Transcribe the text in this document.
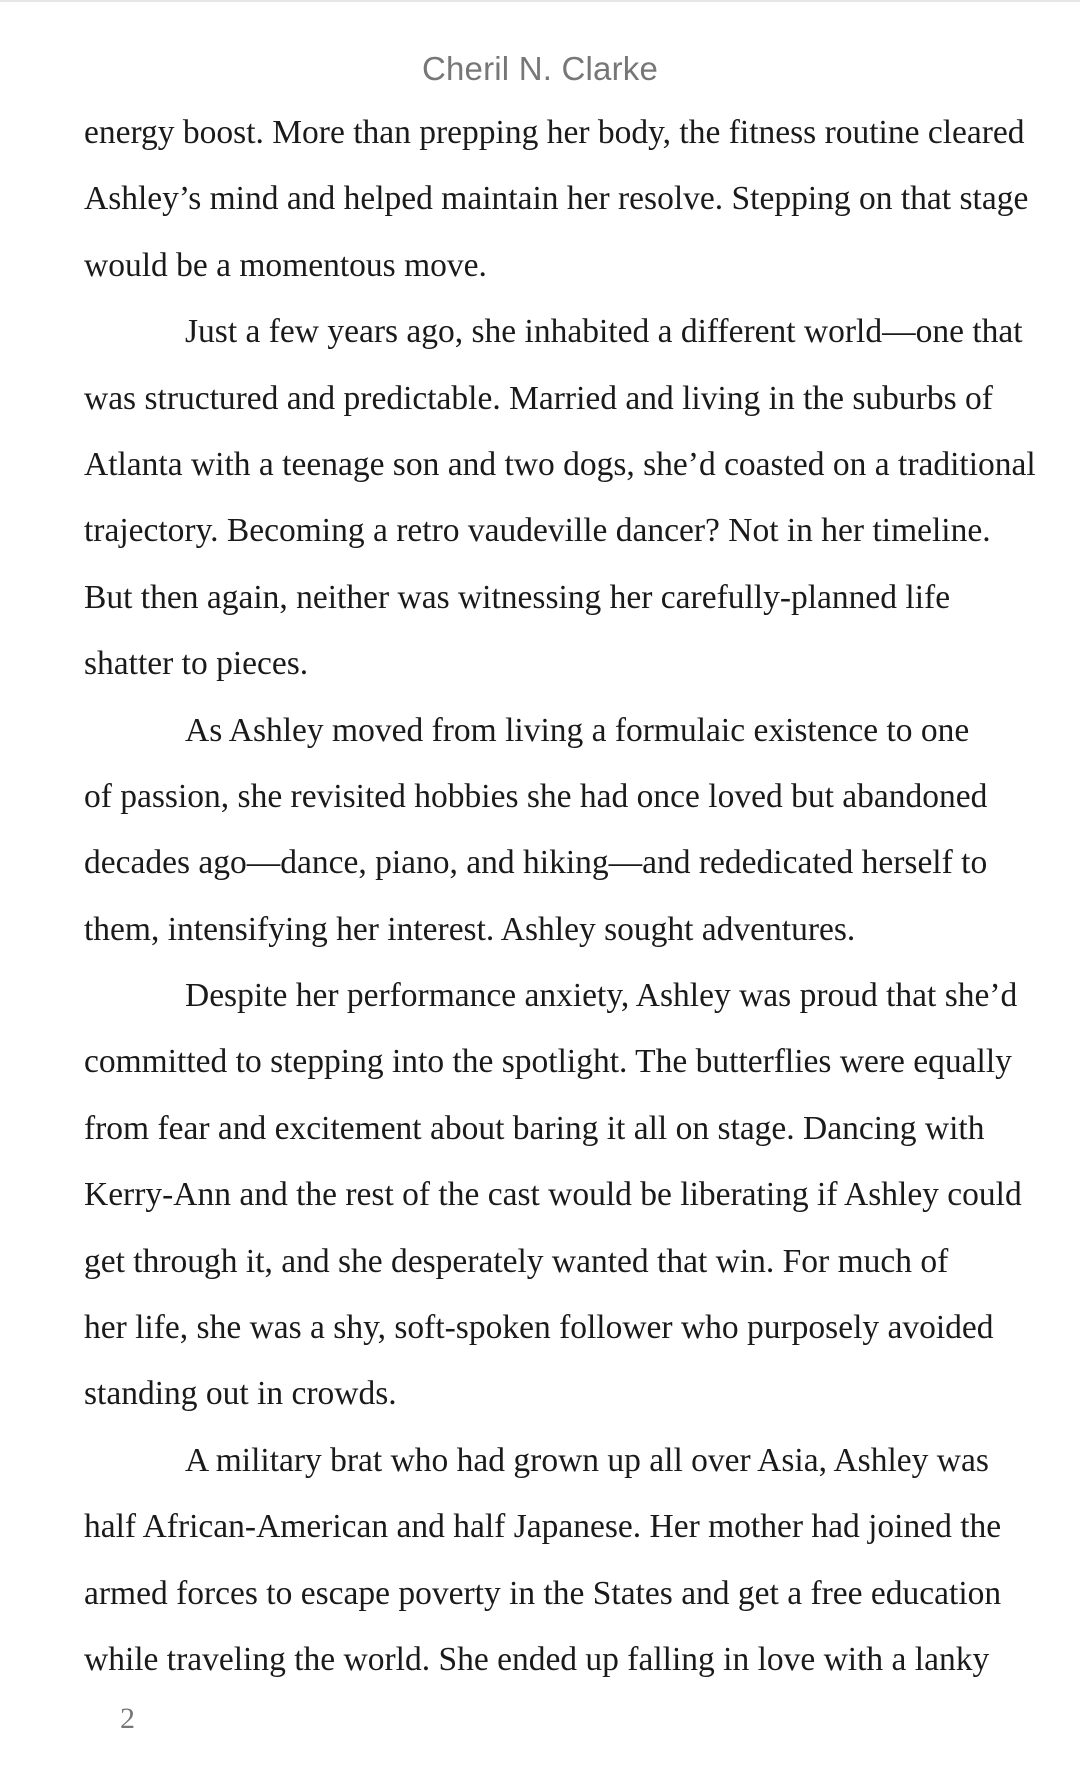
Cheril N. Clarke
energy boost. More than prepping her body, the fitness routine cleared
Ashley’s mind and helped maintain her resolve. Stepping on that stage
would be a momentous move.
Just a few years ago, she inhabited a different world—one that
was structured and predictable. Married and living in the suburbs of
Atlanta with a teenage son and two dogs, she’d coasted on a traditional
trajectory. Becoming a retro vaudeville dancer? Not in her timeline.
But then again, neither was witnessing her carefully-planned life
shatter to pieces.
As Ashley moved from living a formulaic existence to one
of passion, she revisited hobbies she had once loved but abandoned
decades ago—dance, piano, and hiking—and rededicated herself to
them, intensifying her interest. Ashley sought adventures.
Despite her performance anxiety, Ashley was proud that she’d
committed to stepping into the spotlight. The butterflies were equally
from fear and excitement about baring it all on stage. Dancing with
Kerry-Ann and the rest of the cast would be liberating if Ashley could
get through it, and she desperately wanted that win. For much of
her life, she was a shy, soft-spoken follower who purposely avoided
standing out in crowds.
A military brat who had grown up all over Asia, Ashley was
half African-American and half Japanese. Her mother had joined the
armed forces to escape poverty in the States and get a free education
while traveling the world. She ended up falling in love with a lanky
2
